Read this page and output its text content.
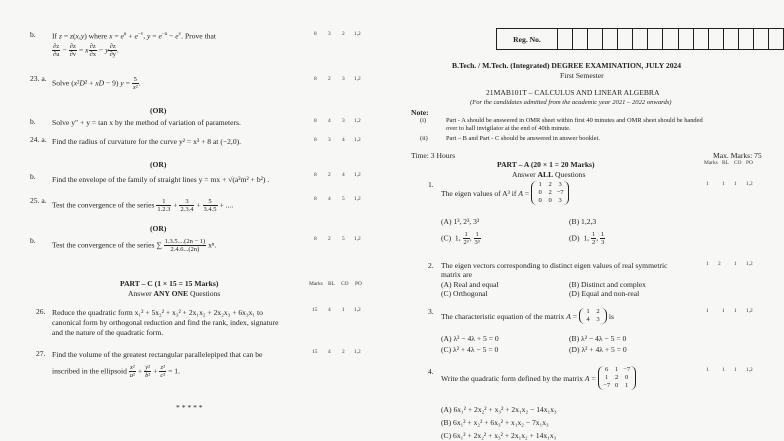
b. If z = z(x,y) where $x = e^u + e^{-v}$, $y = e^{-u} - e^v$. Prove that
$\frac{\partial z}{\partial u} - \frac{\partial z}{\partial v} = x \frac{\partial z}{\partial x} - y \frac{\partial z}{\partial y}$ .
8 3 2 1,2
23. a. Solve (x²D² + xD − 9) $y = \frac{5}{\text{x²}}$ .	8 2 3 1,2
(OR)
b. Solve y″ + y = tan x by the method of variation of parameters.	8 4 3 1,2
24. a. Find the radius of curvature for the curve y² = x³ + 8 at (−2,0).	8 3 4 1,2
(OR)
b. Find the envelope of the family of straight lines y = mx + √(a²m² + b²) .	8 2 4 1,2
25. a. Test the convergence of the series $\frac{1}{1.2.3} + \frac{3}{2.3.4} + \frac{5}{3.4.5}$ + ....
8 4 5 1,2
(OR)
b. Test the convergence of the series ∑ $\frac{1.3.5....(2n - 1)}{2.4.6...(2n)} x^n$.
8 2 5 1,2
PART – C (1 × 15 = 15 Marks)
Answer ANY ONE Questions
Marks BL CO PO
26. Reduce the quadratic form x₁² + 5x₂² + x₃² + 2x₁x₂ + 2x₂x₃ + 6x₃x₁ to
canonical form by orthogonal reduction and find the rank, index, signature
and the nature of the quadratic form.
15 4 1 1,2
27. Find the volume of the greatest rectangular parallelepiped that can be
inscribed in the ellipsoid $\frac{\text{x²}}{\text{a²}} + \frac{\text{y²}}{\text{b²}} + \frac{\text{z²}}{\text{c²}} = 1$.
15 4 2 1,2
* * * * *
Reg. No.
B.Tech. / M.Tech. (Integrated) DEGREE EXAMINATION, JULY 2024
First Semester
21MAB101T – CALCULUS AND LINEAR ALGEBRA
(For the candidates admitted from the academic year 2021 – 2022 onwards)
Note:
(i)	Part - A should be answered in OMR sheet within first 40 minutes and OMR sheet should be handed
over to hall invigilator at the end of 40th minute.
(ii)	Part – B and Part - C should be answered in answer booklet.
Time: 3 Hours	Max. Marks: 75
PART – A (20 × 1 = 20 Marks)
Answer ALL Questions
Marks BL CO PO
1.
The eigen values of A³ if A = 1 2 3
0 2 −7
0 0 3
1 1 1 1,2
(A) 1³, 2³, 3³	(B) 1,2,3
(C)  1, $\frac{1}{\text{2³}}$ , $\frac{1}{\text{3³}}$	(D)  1, $\frac{1}{2}$ , $\frac{1}{3}$
2. The eigen vectors corresponding to distinct eigen values of real symmetric
matrix are
1 2 1 1,2
(A) Real and equal	(B) Distinct and complex
(C) Orthogonal	(D) Equal and non-real
3. The characteristic equation of the matrix A = 1 2
4 3 is
1 1 1 1,2
(A) λ² − 4λ + 5 = 0	(B) λ² − 4λ − 5 = 0
(C) λ² + 4λ − 5 = 0	(D) λ² + 4λ + 5 = 0
4.
Write the quadratic form defined by the matrix A = 6 1 −7
1 2 0
−7 0 1
1 1 1 1,2
(A) 6x₁² + 2x₂² + x₃² + 2x₁x₂ − 14x₁x₃
(B) 6x₁² + x₂² + 6x₃² + x₁x₂ − 7x₁x₃
(C) 6x₁² + 2x₂² + x₃² + 2x₁x₂ + 14x₁x₃
